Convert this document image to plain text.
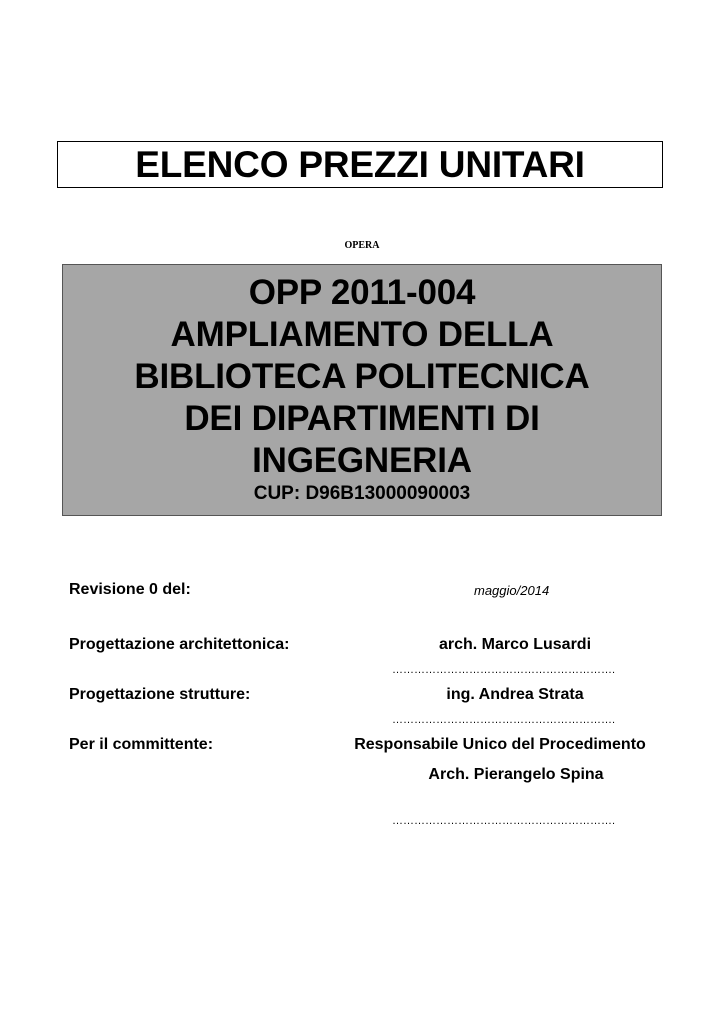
ELENCO PREZZI UNITARI
OPERA
OPP 2011-004
AMPLIAMENTO DELLA
BIBLIOTECA POLITECNICA
DEI DIPARTIMENTI DI
INGEGNERIA
CUP: D96B13000090003
Revisione 0 del:	maggio/2014
Progettazione architettonica:	arch. Marco Lusardi
…………………………………………………….
Progettazione strutture:	ing. Andrea Strata
…………………………………………………….
Per il committente:	Responsabile Unico del Procedimento
Arch. Pierangelo Spina
…………………………………………………….
